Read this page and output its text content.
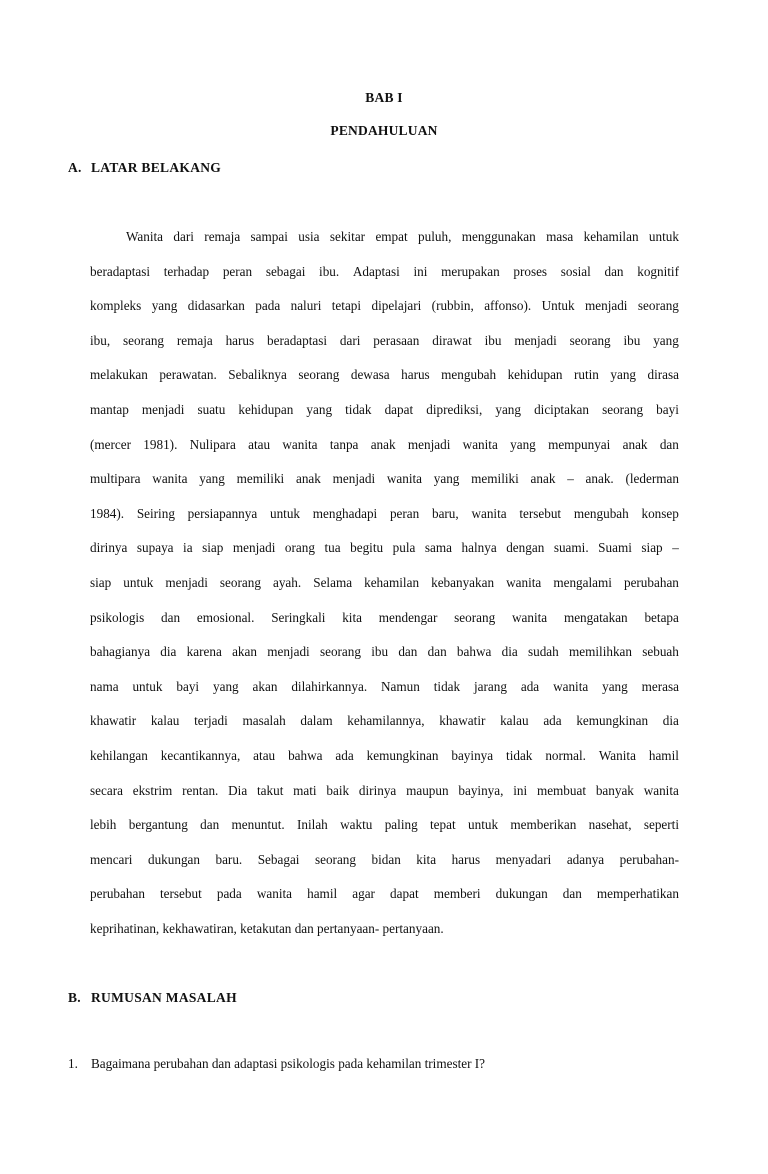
BAB I
PENDAHULUAN
A. LATAR BELAKANG
Wanita dari remaja sampai usia sekitar empat puluh, menggunakan masa kehamilan untuk
beradaptasi terhadap peran sebagai ibu. Adaptasi ini merupakan proses sosial dan kognitif
kompleks yang didasarkan pada naluri tetapi dipelajari (rubbin, affonso). Untuk menjadi seorang
ibu, seorang remaja harus beradaptasi dari perasaan dirawat ibu menjadi seorang ibu yang
melakukan perawatan. Sebaliknya seorang dewasa harus mengubah kehidupan rutin yang dirasa
mantap menjadi suatu kehidupan yang tidak dapat diprediksi, yang diciptakan seorang bayi
(mercer 1981). Nulipara atau wanita tanpa anak menjadi wanita yang mempunyai anak dan
multipara wanita yang memiliki anak menjadi wanita yang memiliki anak – anak. (lederman
1984). Seiring persiapannya untuk menghadapi peran baru, wanita tersebut mengubah konsep
dirinya supaya ia siap menjadi orang tua begitu pula sama halnya dengan suami. Suami siap –
siap untuk menjadi seorang ayah. Selama kehamilan kebanyakan wanita mengalami perubahan
psikologis dan emosional. Seringkali kita mendengar seorang wanita mengatakan betapa
bahagianya dia karena akan menjadi seorang ibu dan dan bahwa dia sudah memilihkan sebuah
nama untuk bayi yang akan dilahirkannya. Namun tidak jarang ada wanita yang merasa
khawatir kalau terjadi masalah dalam kehamilannya, khawatir kalau ada kemungkinan dia
kehilangan kecantikannya, atau bahwa ada kemungkinan bayinya tidak normal. Wanita hamil
secara ekstrim rentan. Dia takut mati baik dirinya maupun bayinya, ini membuat banyak wanita
lebih bergantung dan menuntut. Inilah waktu paling tepat untuk memberikan nasehat, seperti
mencari dukungan baru. Sebagai seorang bidan kita harus menyadari adanya perubahan-
perubahan tersebut pada wanita hamil agar dapat memberi dukungan dan memperhatikan
keprihatinan, kekhawatiran, ketakutan dan pertanyaan- pertanyaan.
B. RUMUSAN MASALAH
1. Bagaimana perubahan dan adaptasi psikologis pada kehamilan trimester I?
